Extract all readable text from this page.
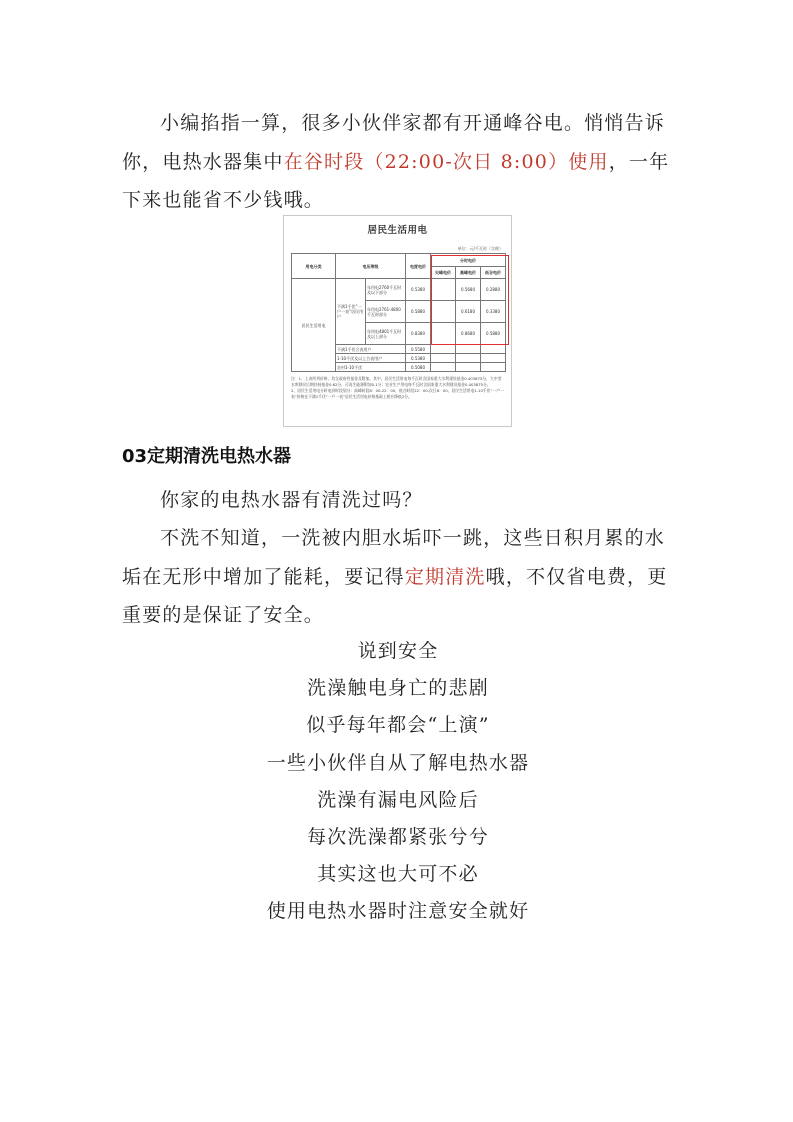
小编掐指一算，很多小伙伴家都有开通峰谷电。悄悄告诉你，电热水器集中在谷时段（22:00-次日 8:00）使用，一年下来也能省不少钱哦。

居民生活用电
单位：元/千瓦时（含税）
用电分类	电压等级		电度电价	分时电价		
				尖峰电价	高峰电价	低谷电价
居民生活用电	不满1千伏“一户一表”居民用户	年用电2760千瓦时及以下部分	0.5380		0.5680	0.2880
		年用电2761-4800千瓦时部分	0.5880		0.6180	0.3380
		年用电4801千瓦时及以上部分	0.8380		0.8680	0.5880
	不满1千伏合表用户		0.5580			
	1-10千伏及以上合表用户		0.5380			
	农村1-10千伏		0.5080			

注：1、上表所列价格，均含政府性基金及附加。其中，居民生活用电每千瓦时含国家重大水利建设基金0.403875分，大中型水库移民后期扶持基金0.62分，可再生能源附加0.1分；农业生产用电每千瓦时含国家重大水利建设基金0.403875分。

2、居民生活用电分时电价时段划分：高峰时段8：00-22：00，低谷时段22：00-次日8：00。居民生活用电1-10千伏“一户一表”价格在不满1千伏“一户一表”居民生活用电价格基础上相应降低2分。

03定期清洗电热水器

你家的电热水器有清洗过吗？

不洗不知道，一洗被内胆水垢吓一跳，这些日积月累的水垢在无形中增加了能耗，要记得定期清洗哦，不仅省电费，更重要的是保证了安全。

说到安全
洗澡触电身亡的悲剧
似乎每年都会“上演”
一些小伙伴自从了解电热水器
洗澡有漏电风险后
每次洗澡都紧张兮兮
其实这也大可不必
使用电热水器时注意安全就好
